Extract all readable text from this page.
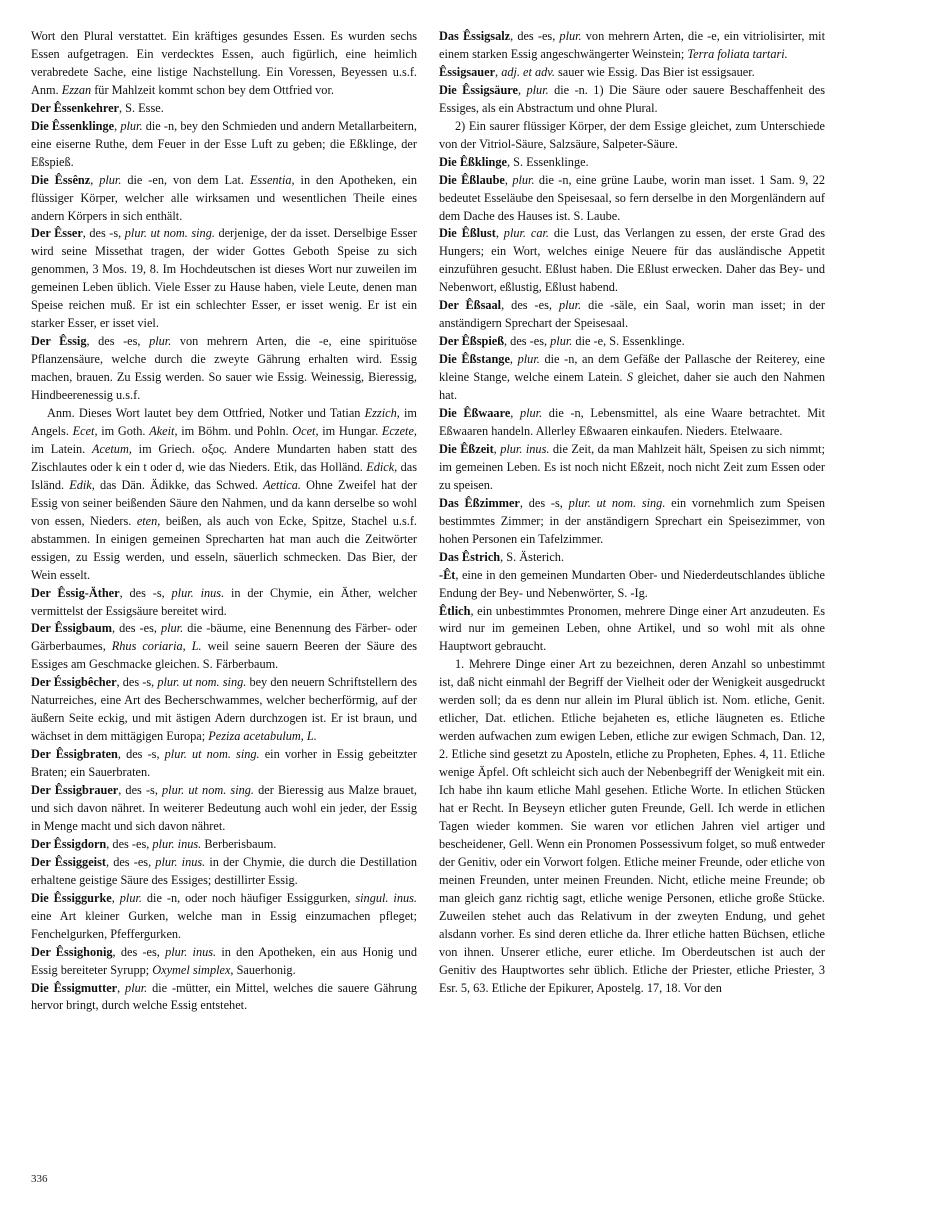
Wort den Plural verstattet. Ein kräftiges gesundes Essen. Es wurden sechs Essen aufgetragen. Ein verdecktes Essen, auch figürlich, eine heimlich verabredete Sache, eine listige Nachstellung. Ein Voressen, Beyessen u.s.f. Anm. Ezzan für Mahlzeit kommt schon bey dem Ottfried vor.

Der Êssenkehrer, S. Esse.

Die Êssenklinge, plur. die -n, bey den Schmieden und andern Metallarbeitern, eine eiserne Ruthe, dem Feuer in der Esse Luft zu geben; die Eßklinge, der Eßspieß.

Die Êssênz, plur. die -en, von dem Lat. Essentia, in den Apotheken, ein flüssiger Körper, welcher alle wirksamen und wesentlichen Theile eines andern Körpers in sich enthält.

Der Êsser, des -s, plur. ut nom. sing. derjenige, der da isset. Derselbige Esser wird seine Missethat tragen, der wider Gottes Geboth Speise zu sich genommen, 3 Mos. 19, 8. Im Hochdeutschen ist dieses Wort nur zuweilen im gemeinen Leben üblich. Viele Esser zu Hause haben, viele Leute, denen man Speise reichen muß. Er ist ein schlechter Esser, er isset wenig. Er ist ein starker Esser, er isset viel.

Der Êssig, des -es, plur. von mehrern Arten, die -e, eine spirituöse Pflanzensäure, welche durch die zweyte Gährung erhalten wird. Essig machen, brauen. Zu Essig werden. So sauer wie Essig. Weinessig, Bieressig, Hindbeerenessig u.s.f.

Anm. Dieses Wort lautet bey dem Ottfried, Notker und Tatian Ezzich, im Angels. Ecet, im Goth. Akeit, im Böhm. und Pohln. Ocet, im Hungar. Eczete, im Latein. Acetum, im Griech. οξος. Andere Mundarten haben statt des Zischlautes oder k ein t oder d, wie das Nieders. Etik, das Holländ. Edick, das Isländ. Edik, das Dän. Ädikke, das Schwed. Aettica. Ohne Zweifel hat der Essig von seiner beißenden Säure den Nahmen, und da kann derselbe so wohl von essen, Nieders. eten, beißen, als auch von Ecke, Spitze, Stachel u.s.f. abstammen. In einigen gemeinen Sprecharten hat man auch die Zeitwörter essigen, zu Essig werden, und esseln, säuerlich schmecken. Das Bier, der Wein esselt.

Der Êssig-Äther, des -s, plur. inus. in der Chymie, ein Äther, welcher vermittelst der Essigsäure bereitet wird.

Der Êssigbaum, des -es, plur. die -bäume, eine Benennung des Färber- oder Gärberbaumes, Rhus coriaria, L. weil seine sauern Beeren der Säure des Essiges am Geschmacke gleichen. S. Färberbaum.

Der Éssigbêcher, des -s, plur. ut nom. sing. bey den neuern Schriftstellern des Naturreiches, eine Art des Becherschwammes, welcher becherförmig, auf der äußern Seite eckig, und mit ästigen Adern durchzogen ist. Er ist braun, und wächset in dem mittägigen Europa; Peziza acetabulum, L.

Der Êssigbraten, des -s, plur. ut nom. sing. ein vorher in Essig gebeitzter Braten; ein Sauerbraten.

Der Êssigbrauer, des -s, plur. ut nom. sing. der Bieressig aus Malze brauet, und sich davon nähret. In weiterer Bedeutung auch wohl ein jeder, der Essig in Menge macht und sich davon nähret.

Der Êssigdorn, des -es, plur. inus. Berberisbaum.

Der Êssiggeist, des -es, plur. inus. in der Chymie, die durch die Destillation erhaltene geistige Säure des Essiges; destillirter Essig.

Die Êssiggurke, plur. die -n, oder noch häufiger Essiggurken, singul. inus. eine Art kleiner Gurken, welche man in Essig einzumachen pfleget; Fenchelgurken, Pfeffergurken.

Der Êssighonig, des -es, plur. inus. in den Apotheken, ein aus Honig und Essig bereiteter Syrupp; Oxymel simplex, Sauerhonig.

Die Êssigmutter, plur. die -mütter, ein Mittel, welches die sauere Gährung hervor bringt, durch welche Essig entstehet.

Das Êssigsalz, des -es, plur. von mehrern Arten, die -e, ein vitriolisirter, mit einem starken Essig angeschwängerter Weinstein; Terra foliata tartari.

Êssigsauer, adj. et adv. sauer wie Essig. Das Bier ist essigsauer.

Die Êssigsäure, plur. die -n. 1) Die Säure oder sauere Beschaffenheit des Essiges, als ein Abstractum und ohne Plural.

2) Ein saurer flüssiger Körper, der dem Essige gleichet, zum Unterschiede von der Vitriol-Säure, Salzsäure, Salpeter-Säure.

Die Êßklinge, S. Essenklinge.

Die Êßlaube, plur. die -n, eine grüne Laube, worin man isset. 1 Sam. 9, 22 bedeutet Esseläube den Speisesaal, so fern derselbe in den Morgenländern auf dem Dache des Hauses ist. S. Laube.

Die Êßlust, plur. car. die Lust, das Verlangen zu essen, der erste Grad des Hungers; ein Wort, welches einige Neuere für das ausländische Appetit einzuführen gesucht. Eßlust haben. Die Eßlust erwecken. Daher das Bey- und Nebenwort, eßlustig, Eßlust habend.

Der Êßsaal, des -es, plur. die -säle, ein Saal, worin man isset; in der anständigern Sprechart der Speisesaal.

Der Êßspieß, des -es, plur. die -e, S. Essenklinge.

Die Êßstange, plur. die -n, an dem Gefäße der Pallasche der Reiterey, eine kleine Stange, welche einem Latein. S gleichet, daher sie auch den Nahmen hat.

Die Êßwaare, plur. die -n, Lebensmittel, als eine Waare betrachtet. Mit Eßwaaren handeln. Allerley Eßwaaren einkaufen. Nieders. Etelwaare.

Die Êßzeit, plur. inus. die Zeit, da man Mahlzeit hält, Speisen zu sich nimmt; im gemeinen Leben. Es ist noch nicht Eßzeit, noch nicht Zeit zum Essen oder zu speisen.

Das Êßzimmer, des -s, plur. ut nom. sing. ein vornehmlich zum Speisen bestimmtes Zimmer; in der anständigern Sprechart ein Speisezimmer, von hohen Personen ein Tafelzimmer.

Das Êstrich, S. Ästerich.

-Êt, eine in den gemeinen Mundarten Ober- und Niederdeutschlandes übliche Endung der Bey- und Nebenwörter, S. -Ig.

Êtlich, ein unbestimmtes Pronomen, mehrere Dinge einer Art anzudeuten. Es wird nur im gemeinen Leben, ohne Artikel, und so wohl mit als ohne Hauptwort gebraucht.

1. Mehrere Dinge einer Art zu bezeichnen, deren Anzahl so unbestimmt ist, daß nicht einmahl der Begriff der Vielheit oder der Wenigkeit ausgedruckt werden soll; da es denn nur allein im Plural üblich ist. Nom. etliche, Genit. etlicher, Dat. etlichen. Etliche bejaheten es, etliche läugneten es. Etliche werden aufwachen zum ewigen Leben, etliche zur ewigen Schmach, Dan. 12, 2. Etliche sind gesetzt zu Aposteln, etliche zu Propheten, Ephes. 4, 11. Etliche wenige Äpfel. Oft schleicht sich auch der Nebenbegriff der Wenigkeit mit ein. Ich habe ihn kaum etliche Mahl gesehen. Etliche Worte. In etlichen Stücken hat er Recht. In Beyseyn etlicher guten Freunde, Gell. Ich werde in etlichen Tagen wieder kommen. Sie waren vor etlichen Jahren viel artiger und bescheidener, Gell. Wenn ein Pronomen Possessivum folget, so muß entweder der Genitiv, oder ein Vorwort folgen. Etliche meiner Freunde, oder etliche von meinen Freunden, unter meinen Freunden. Nicht, etliche meine Freunde; ob man gleich ganz richtig sagt, etliche wenige Personen, etliche große Stücke. Zuweilen stehet auch das Relativum in der zweyten Endung, und gehet alsdann vorher. Es sind deren etliche da. Ihrer etliche hatten Büchsen, etliche von ihnen. Unserer etliche, eurer etliche. Im Oberdeutschen ist auch der Genitiv des Hauptwortes sehr üblich. Etliche der Priester, etliche Priester, 3 Esr. 5, 63. Etliche der Epikurer, Apostelg. 17, 18. Vor den

336
